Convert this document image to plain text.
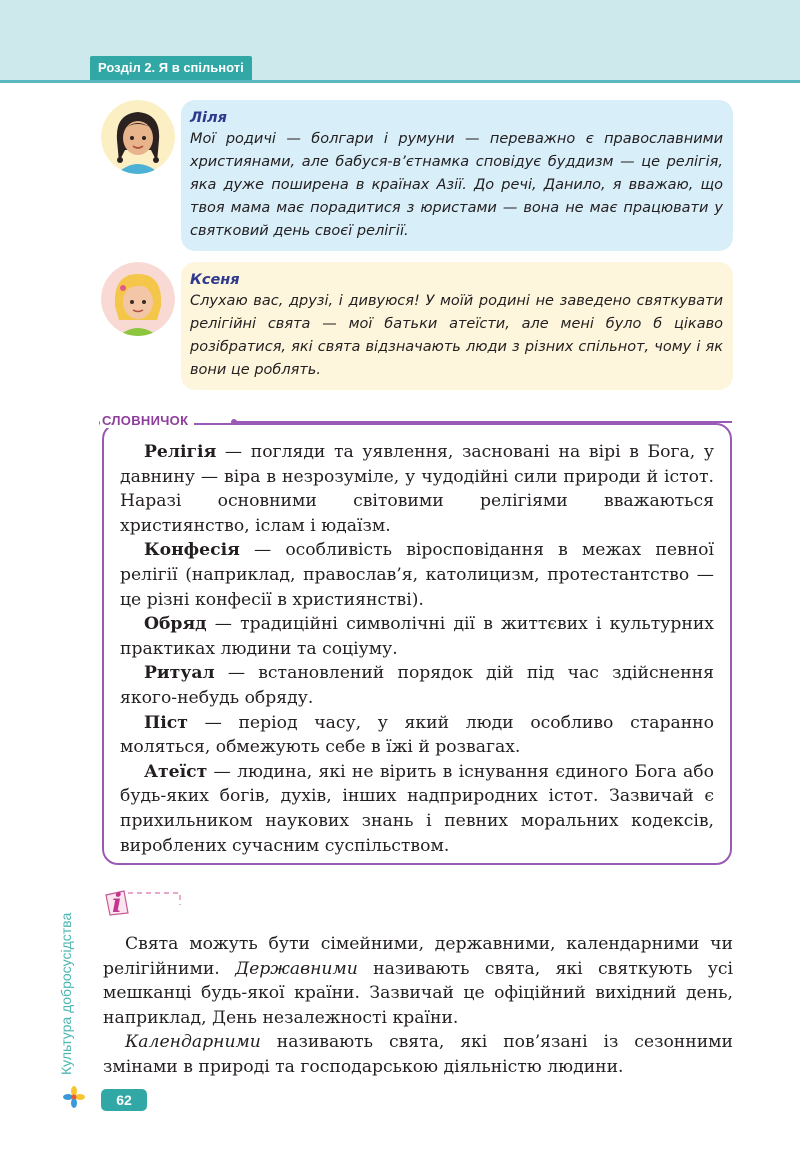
Розділ 2. Я в спільноті
Ліля
Мої родичі — болгари і румуни — переважно є православними християнами, але бабуся-в’єтнамка сповідує буддизм — це релігія, яка дуже поширена в країнах Азії. До речі, Данило, я вважаю, що твоя мама має порадитися з юристами — вона не має працювати у святковий день своєї релігії.
Ксеня
Слухаю вас, друзі, і дивуюся! У моїй родині не заведено святкувати релігійні свята — мої батьки атеїсти, але мені було б цікаво розібратися, які свята відзначають люди з різних спільнот, чому і як вони це роблять.
СЛОВНИЧОК

Релігія — погляди та уявлення, засновані на вірі в Бога, у давнину — віра в незрозуміле, у чудодійні сили природи й істот. Наразі основними світовими релігіями вважаються християнство, іслам і юдаїзм.

Конфесія — особливість віросповідання в межах певної релігії (наприклад, православ’я, католицизм, протестантство — це різні конфесії в християнстві).

Обряд — традиційні символічні дії в життєвих і культурних практиках людини та соціуму.

Ритуал — встановлений порядок дій під час здійснення якого-небудь обряду.

Піст — період часу, у який люди особливо старанно моляться, обмежують себе в їжі й розвагах.

Атеїст — людина, які не вірить в існування єдиного Бога або будь-яких богів, духів, інших надприродних істот. Зазвичай є прихильником наукових знань і певних моральних кодексів, вироблених сучасним суспільством.

i

Свята можуть бути сімейними, державними, календарними чи релігійними. Державними називають свята, які святкують усі мешканці будь-якої країни. Зазвичай це офіційний вихідний день, наприклад, День незалежності країни.

Календарними називають свята, які пов’язані із сезонними змінами в природі та господарською діяльністю людини.

Культура добросусідства
62
